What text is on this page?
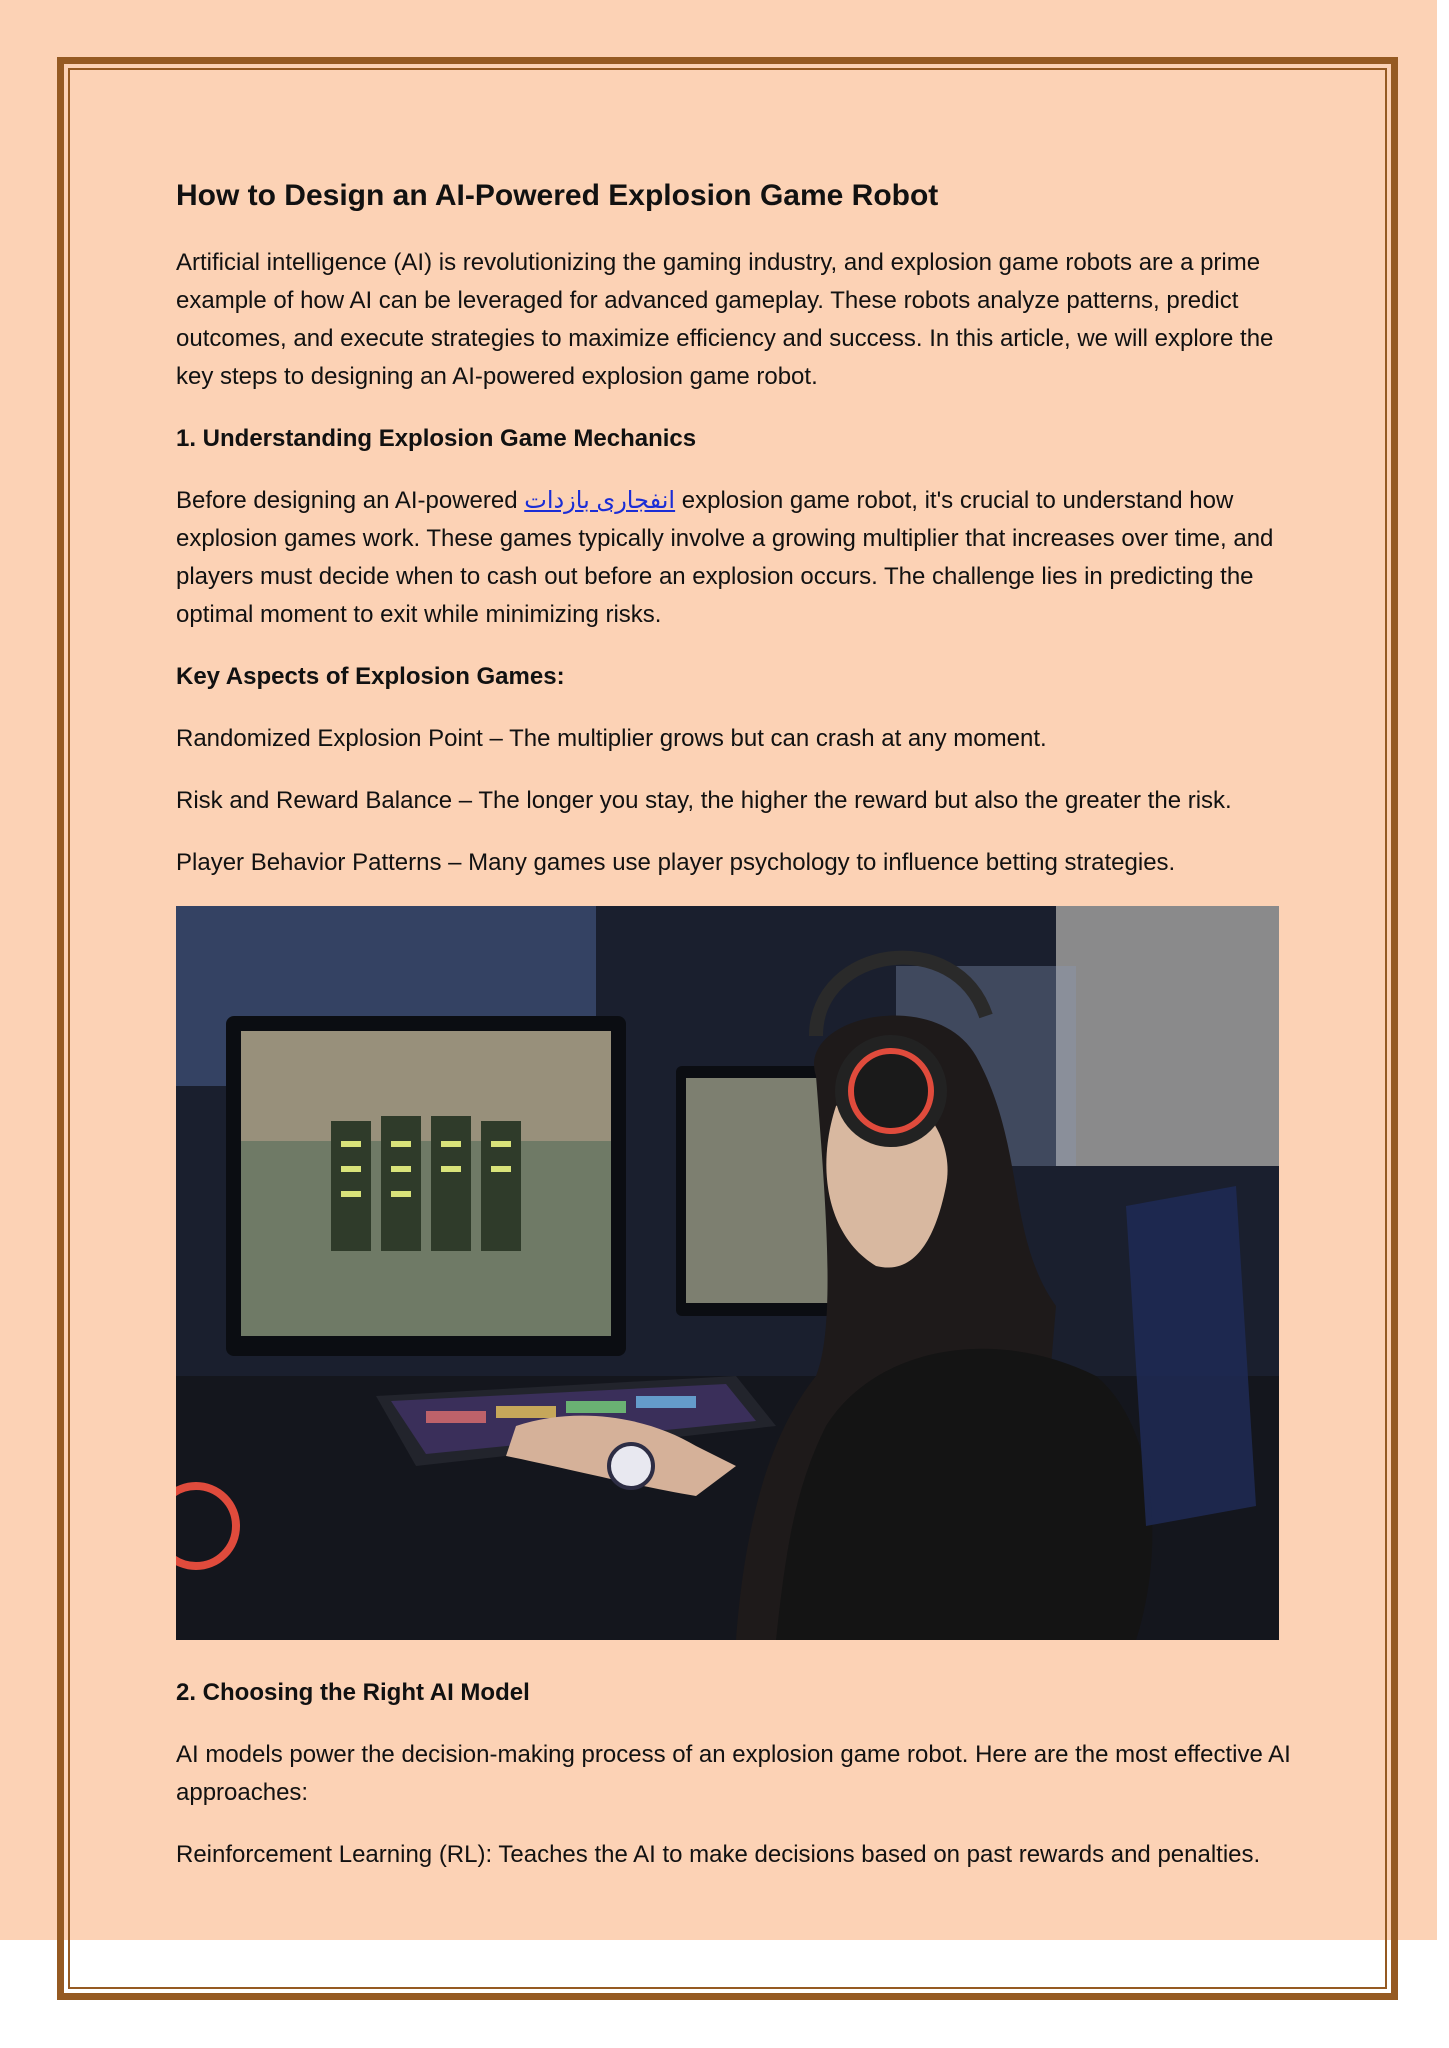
How to Design an AI-Powered Explosion Game Robot

Artificial intelligence (AI) is revolutionizing the gaming industry, and explosion game robots are a prime example of how AI can be leveraged for advanced gameplay. These robots analyze patterns, predict outcomes, and execute strategies to maximize efficiency and success. In this article, we will explore the key steps to designing an AI-powered explosion game robot.

1. Understanding Explosion Game Mechanics

Before designing an AI-powered انفجاری بازدات explosion game robot, it's crucial to understand how explosion games work. These games typically involve a growing multiplier that increases over time, and players must decide when to cash out before an explosion occurs. The challenge lies in predicting the optimal moment to exit while minimizing risks.

Key Aspects of Explosion Games:

Randomized Explosion Point – The multiplier grows but can crash at any moment.

Risk and Reward Balance – The longer you stay, the higher the reward but also the greater the risk.

Player Behavior Patterns – Many games use player psychology to influence betting strategies.

2. Choosing the Right AI Model

AI models power the decision-making process of an explosion game robot. Here are the most effective AI approaches:

Reinforcement Learning (RL): Teaches the AI to make decisions based on past rewards and penalties.
